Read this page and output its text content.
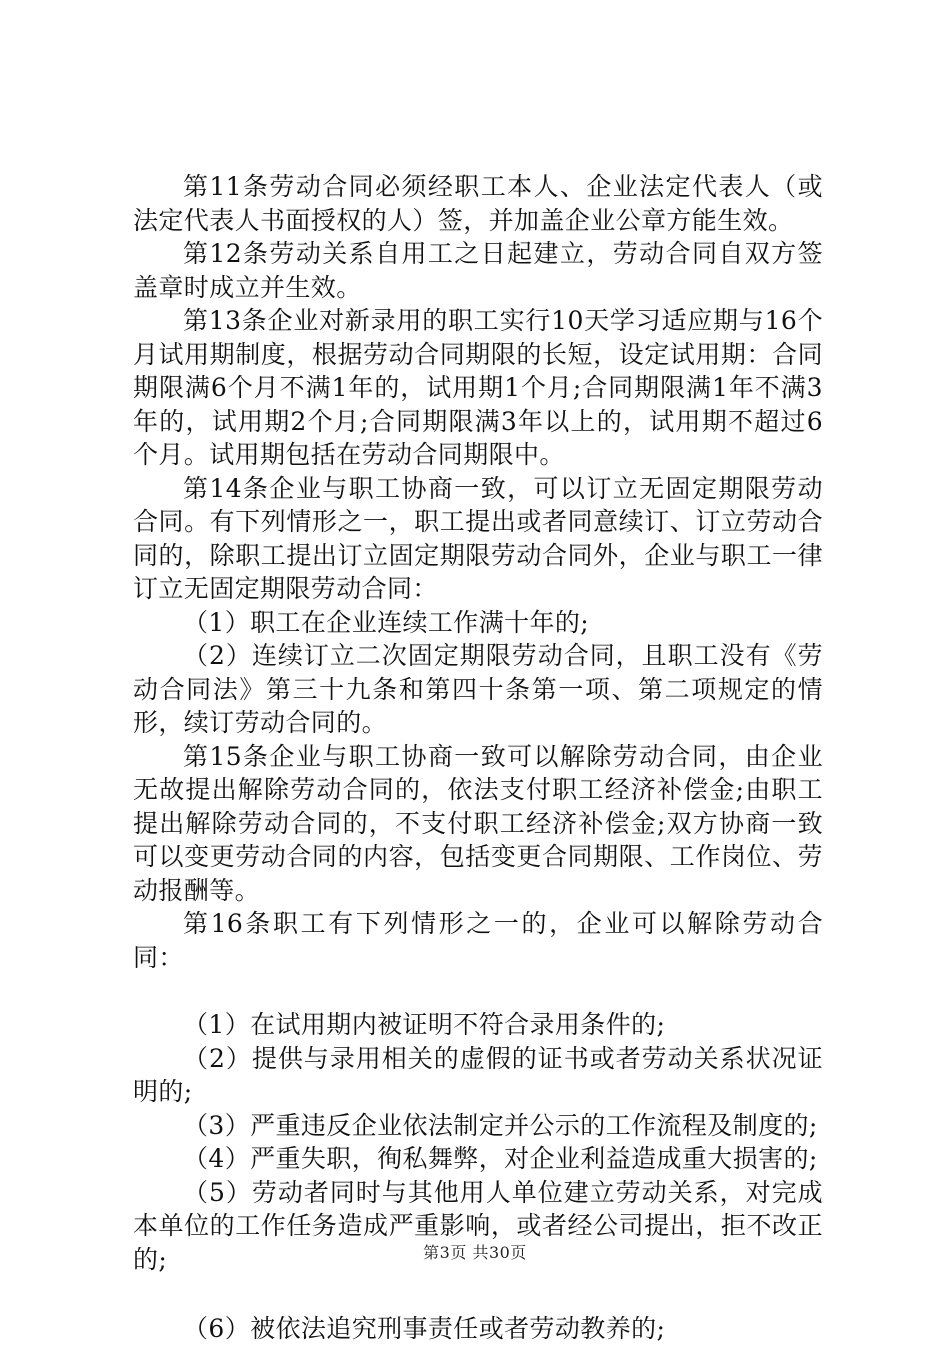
第11条劳动合同必须经职工本人、企业法定代表人（或法定代表人书面授权的人）签，并加盖企业公章方能生效。

第12条劳动关系自用工之日起建立，劳动合同自双方签盖章时成立并生效。

第13条企业对新录用的职工实行10天学习适应期与16个月试用期制度，根据劳动合同期限的长短，设定试用期：合同期限满6个月不满1年的，试用期1个月;合同期限满1年不满3年的，试用期2个月;合同期限满3年以上的，试用期不超过6个月。试用期包括在劳动合同期限中。

第14条企业与职工协商一致，可以订立无固定期限劳动合同。有下列情形之一，职工提出或者同意续订、订立劳动合同的，除职工提出订立固定期限劳动合同外，企业与职工一律订立无固定期限劳动合同：

（1）职工在企业连续工作满十年的;

（2）连续订立二次固定期限劳动合同，且职工没有《劳动合同法》第三十九条和第四十条第一项、第二项规定的情形，续订劳动合同的。

第15条企业与职工协商一致可以解除劳动合同，由企业无故提出解除劳动合同的，依法支付职工经济补偿金;由职工提出解除劳动合同的，不支付职工经济补偿金;双方协商一致可以变更劳动合同的内容，包括变更合同期限、工作岗位、劳动报酬等。

第16条职工有下列情形之一的，企业可以解除劳动合同：

（1）在试用期内被证明不符合录用条件的;

（2）提供与录用相关的虚假的证书或者劳动关系状况证明的;

（3）严重违反企业依法制定并公示的工作流程及制度的;

（4）严重失职，徇私舞弊，对企业利益造成重大损害的;

（5）劳动者同时与其他用人单位建立劳动关系，对完成本单位的工作任务造成严重影响，或者经公司提出，拒不改正的;

（6）被依法追究刑事责任或者劳动教养的;

第3页 共30页
